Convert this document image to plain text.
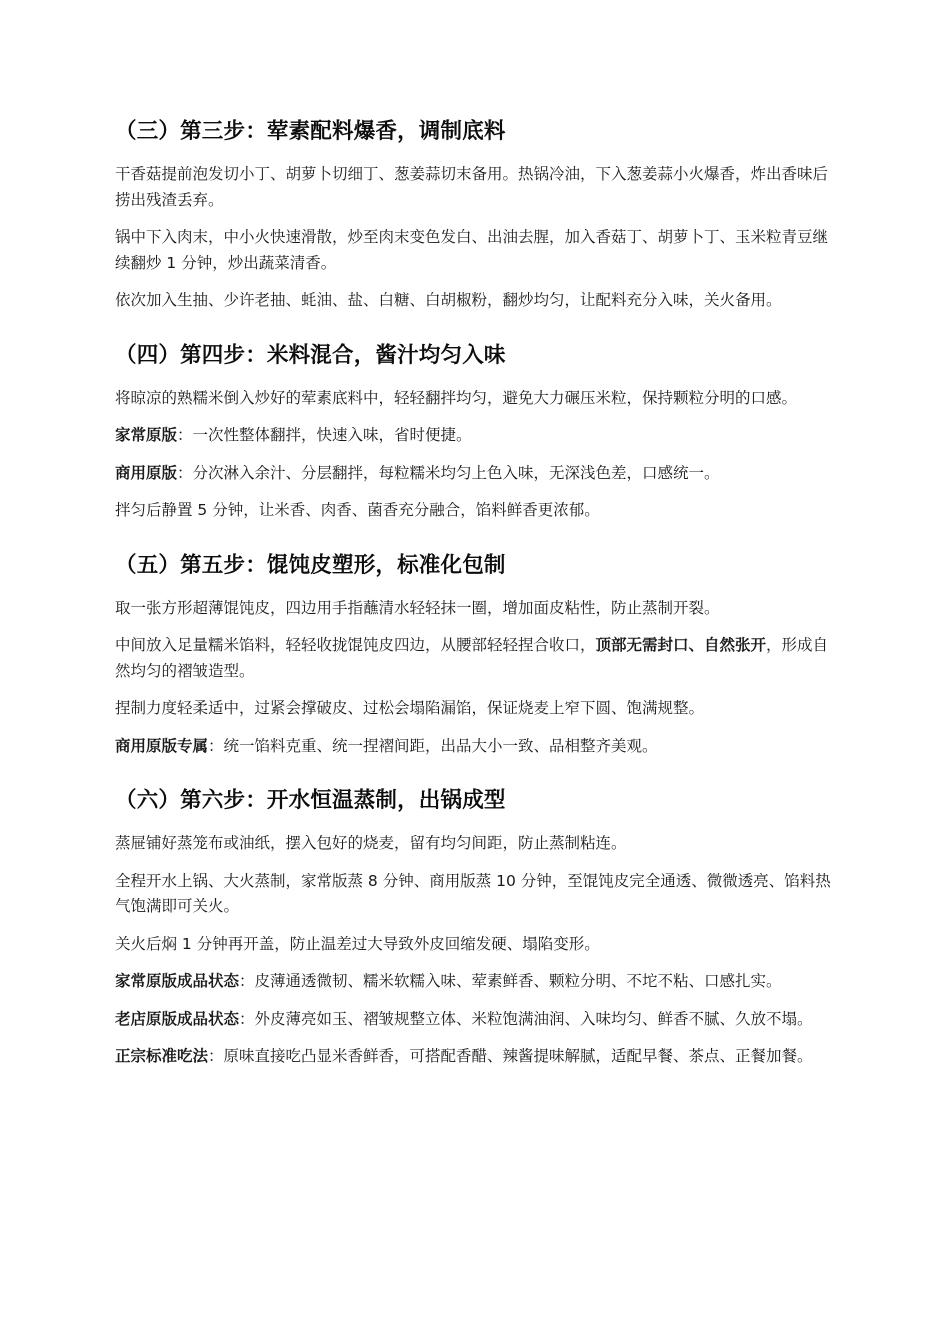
（三）第三步：荤素配料爆香，调制底料

干香菇提前泡发切小丁、胡萝卜切细丁、葱姜蒜切末备用。热锅冷油，下入葱姜蒜小火爆香，炸出香味后捞出残渣丢弃。

锅中下入肉末，中小火快速滑散，炒至肉末变色发白、出油去腥，加入香菇丁、胡萝卜丁、玉米粒青豆继续翻炒 1 分钟，炒出蔬菜清香。

依次加入生抽、少许老抽、蚝油、盐、白糖、白胡椒粉，翻炒均匀，让配料充分入味，关火备用。

（四）第四步：米料混合，酱汁均匀入味

将晾凉的熟糯米倒入炒好的荤素底料中，轻轻翻拌均匀，避免大力碾压米粒，保持颗粒分明的口感。

家常原版：一次性整体翻拌，快速入味，省时便捷。

商用原版：分次淋入余汁、分层翻拌，每粒糯米均匀上色入味，无深浅色差，口感统一。

拌匀后静置 5 分钟，让米香、肉香、菌香充分融合，馅料鲜香更浓郁。

（五）第五步：馄饨皮塑形，标准化包制

取一张方形超薄馄饨皮，四边用手指蘸清水轻轻抹一圈，增加面皮粘性，防止蒸制开裂。

中间放入足量糯米馅料，轻轻收拢馄饨皮四边，从腰部轻轻捏合收口，顶部无需封口、自然张开，形成自然均匀的褶皱造型。

捏制力度轻柔适中，过紧会撑破皮、过松会塌陷漏馅，保证烧麦上窄下圆、饱满规整。

商用原版专属：统一馅料克重、统一捏褶间距，出品大小一致、品相整齐美观。

（六）第六步：开水恒温蒸制，出锅成型

蒸屉铺好蒸笼布或油纸，摆入包好的烧麦，留有均匀间距，防止蒸制粘连。

全程开水上锅、大火蒸制，家常版蒸 8 分钟、商用版蒸 10 分钟，至馄饨皮完全通透、微微透亮、馅料热气饱满即可关火。

关火后焖 1 分钟再开盖，防止温差过大导致外皮回缩发硬、塌陷变形。

家常原版成品状态：皮薄通透微韧、糯米软糯入味、荤素鲜香、颗粒分明、不坨不粘、口感扎实。

老店原版成品状态：外皮薄亮如玉、褶皱规整立体、米粒饱满油润、入味均匀、鲜香不腻、久放不塌。

正宗标准吃法：原味直接吃凸显米香鲜香，可搭配香醋、辣酱提味解腻，适配早餐、茶点、正餐加餐。
